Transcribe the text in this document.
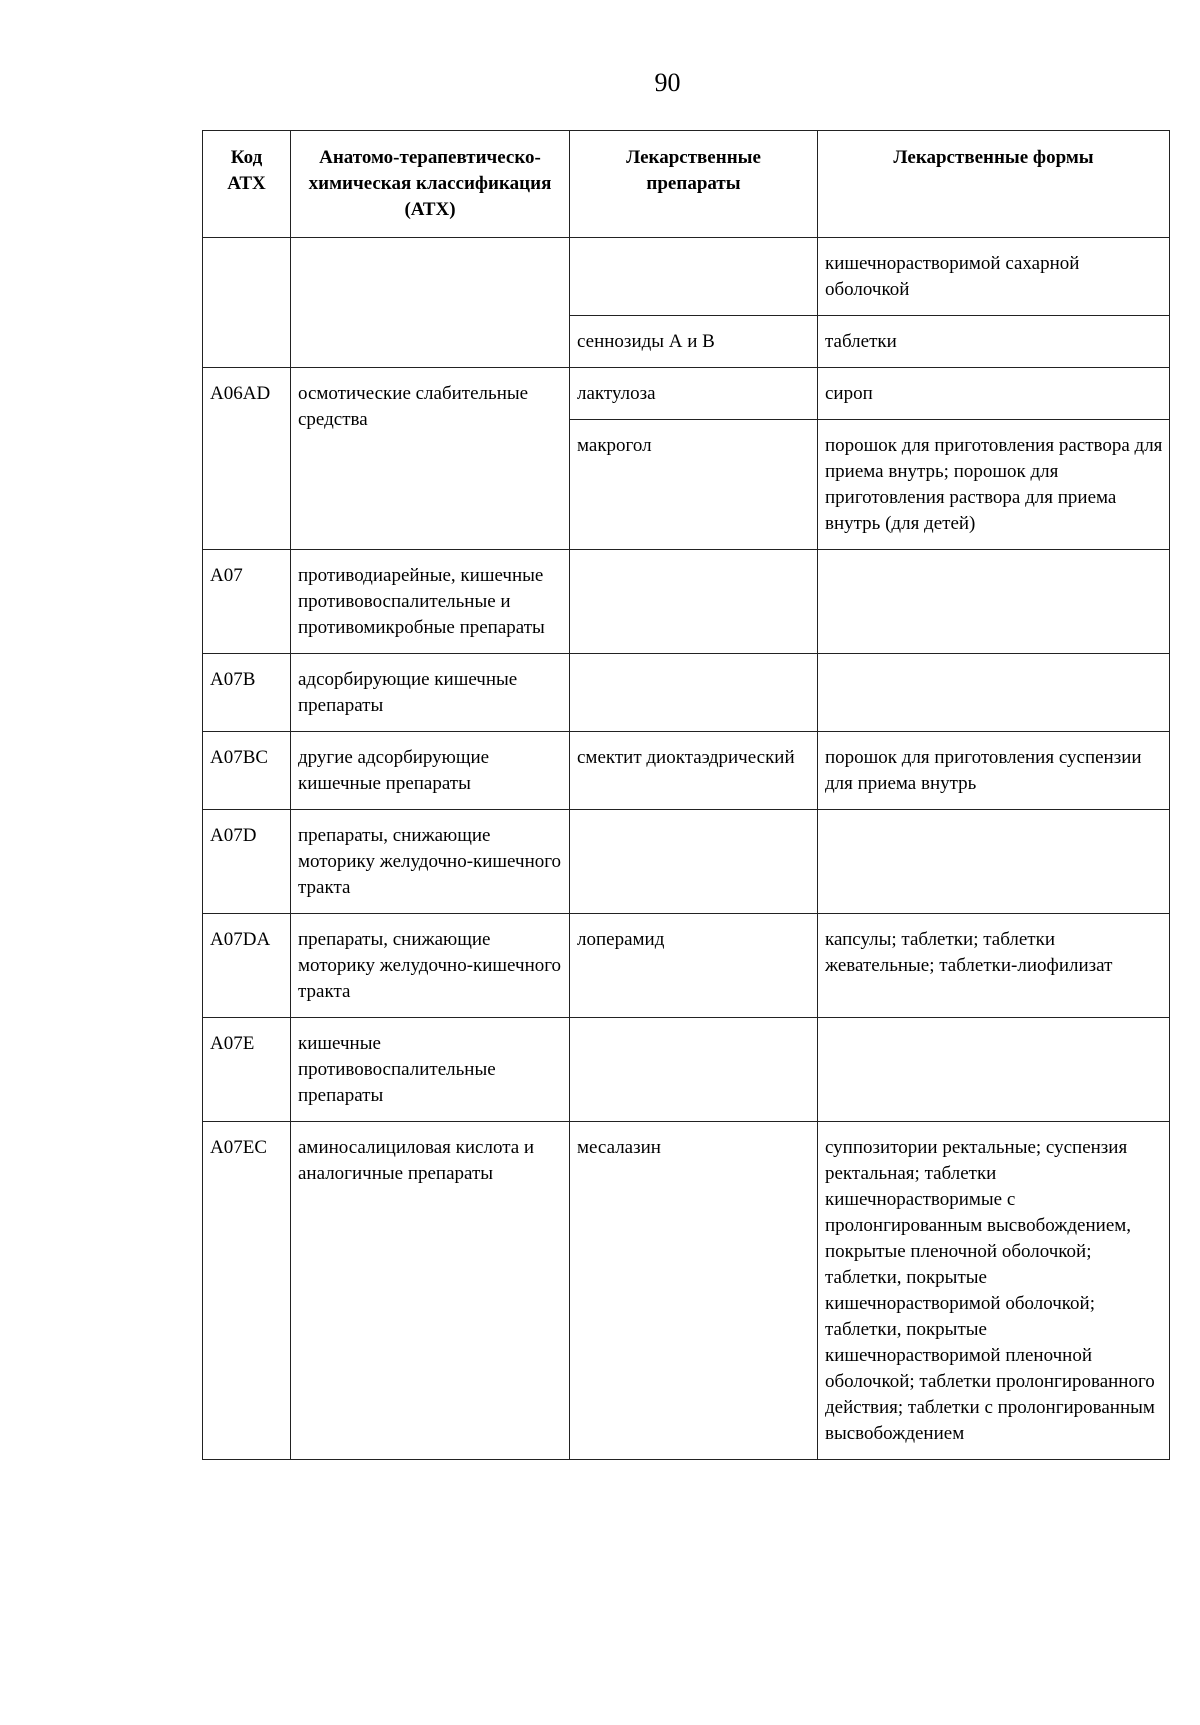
90
Код АТХ	Анатомо-терапевтическо-химическая классификация (АТХ)	Лекарственные препараты	Лекарственные формы
			кишечнорастворимой сахарной оболочкой
		сеннозиды А и В	таблетки
A06AD	осмотические слабительные средства	лактулоза	сироп
		макрогол	порошок для приготовления раствора для приема внутрь; порошок для приготовления раствора для приема внутрь (для детей)
A07	противодиарейные, кишечные противовоспалительные и противомикробные препараты		
A07B	адсорбирующие кишечные препараты		
A07BC	другие адсорбирующие кишечные препараты	смектит диоктаэдрический	порошок для приготовления суспензии для приема внутрь
A07D	препараты, снижающие моторику желудочно-кишечного тракта		
A07DA	препараты, снижающие моторику желудочно-кишечного тракта	лоперамид	капсулы; таблетки; таблетки жевательные; таблетки-лиофилизат
A07E	кишечные противовоспалительные препараты		
A07EC	аминосалициловая кислота и аналогичные препараты	месалазин	суппозитории ректальные; суспензия ректальная; таблетки кишечнорастворимые с пролонгированным высвобождением, покрытые пленочной оболочкой; таблетки, покрытые кишечнорастворимой оболочкой; таблетки, покрытые кишечнорастворимой пленочной оболочкой; таблетки пролонгированного действия; таблетки с пролонгированным высвобождением
